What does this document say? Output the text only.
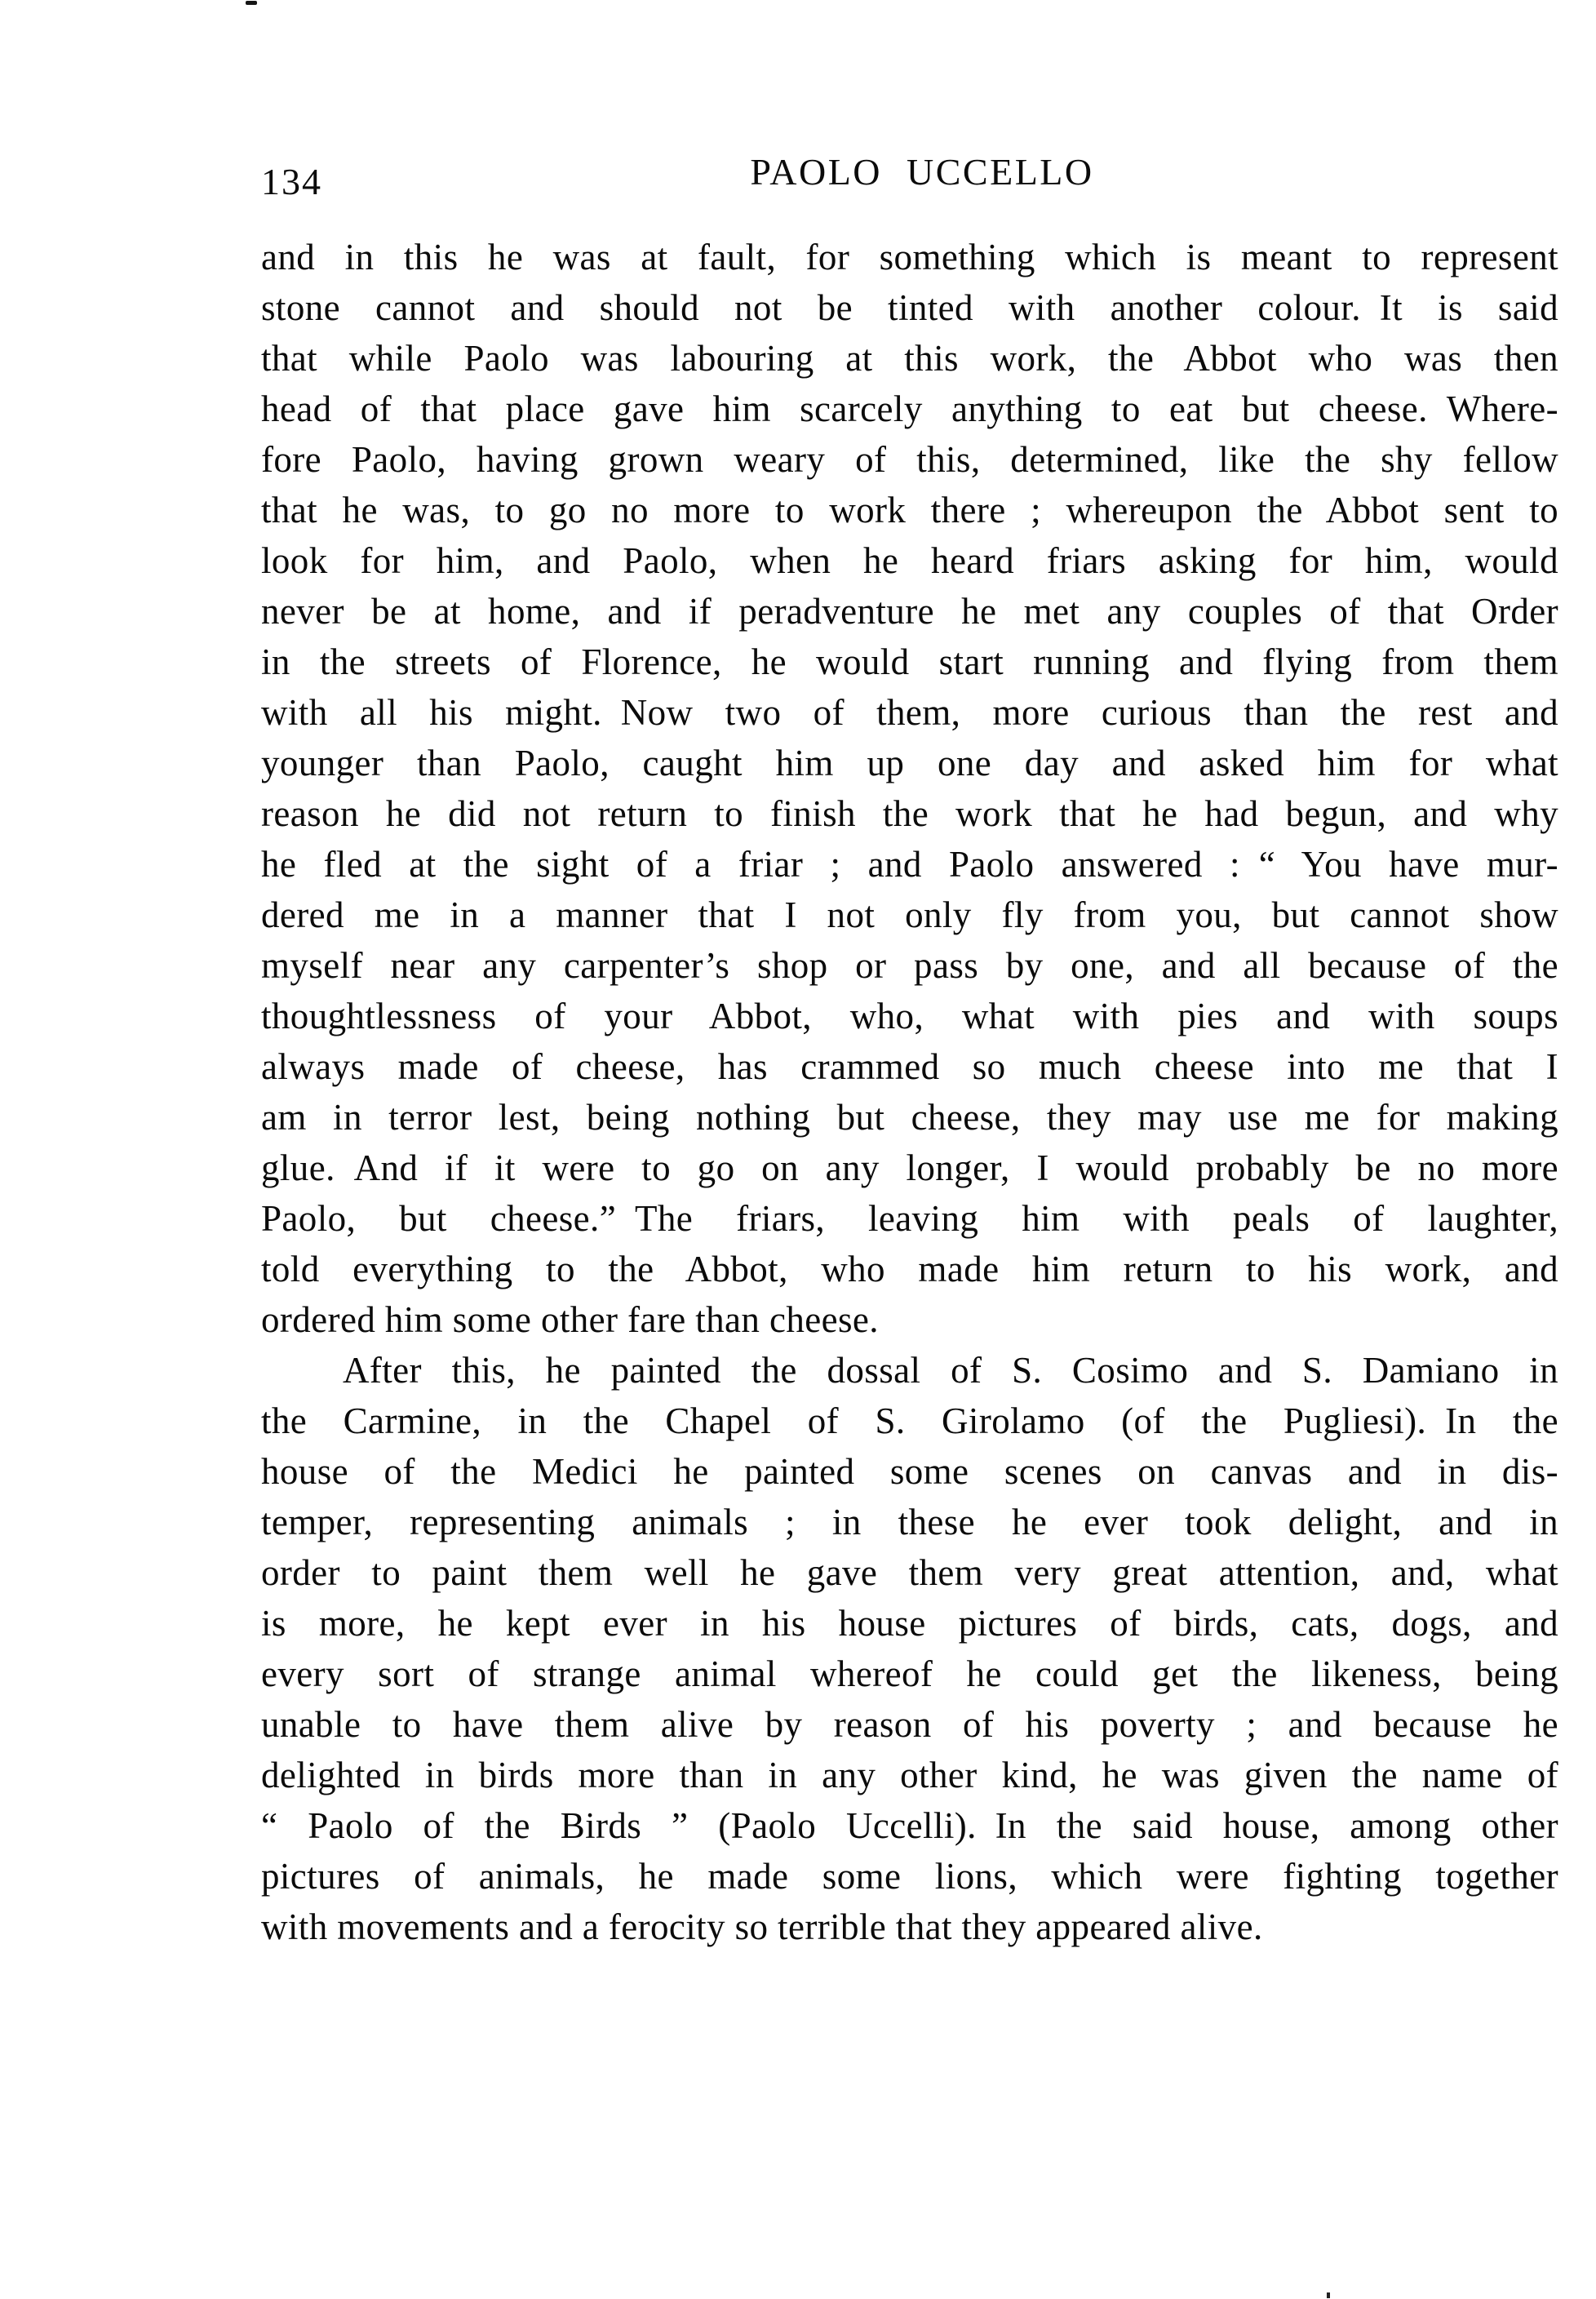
134	PAOLO UCCELLO
and in this he was at fault, for something which is meant to represent
stone cannot and should not be tinted with another colour. It is said
that while Paolo was labouring at this work, the Abbot who was then
head of that place gave him scarcely anything to eat but cheese. Where-
fore Paolo, having grown weary of this, determined, like the shy fellow
that he was, to go no more to work there ; whereupon the Abbot sent to
look for him, and Paolo, when he heard friars asking for him, would
never be at home, and if peradventure he met any couples of that Order
in the streets of Florence, he would start running and flying from them
with all his might. Now two of them, more curious than the rest and
younger than Paolo, caught him up one day and asked him for what
reason he did not return to finish the work that he had begun, and why
he fled at the sight of a friar ; and Paolo answered : “ You have mur-
dered me in a manner that I not only fly from you, but cannot show
myself near any carpenter’s shop or pass by one, and all because of the
thoughtlessness of your Abbot, who, what with pies and with soups
always made of cheese, has crammed so much cheese into me that I
am in terror lest, being nothing but cheese, they may use me for making
glue. And if it were to go on any longer, I would probably be no more
Paolo, but cheese.” The friars, leaving him with peals of laughter,
told everything to the Abbot, who made him return to his work, and
ordered him some other fare than cheese.
After this, he painted the dossal of S. Cosimo and S. Damiano in
the Carmine, in the Chapel of S. Girolamo (of the Pugliesi). In the
house of the Medici he painted some scenes on canvas and in dis-
temper, representing animals ; in these he ever took delight, and in
order to paint them well he gave them very great attention, and, what
is more, he kept ever in his house pictures of birds, cats, dogs, and
every sort of strange animal whereof he could get the likeness, being
unable to have them alive by reason of his poverty ; and because he
delighted in birds more than in any other kind, he was given the name of
“ Paolo of the Birds ” (Paolo Uccelli). In the said house, among other
pictures of animals, he made some lions, which were fighting together
with movements and a ferocity so terrible that they appeared alive.
